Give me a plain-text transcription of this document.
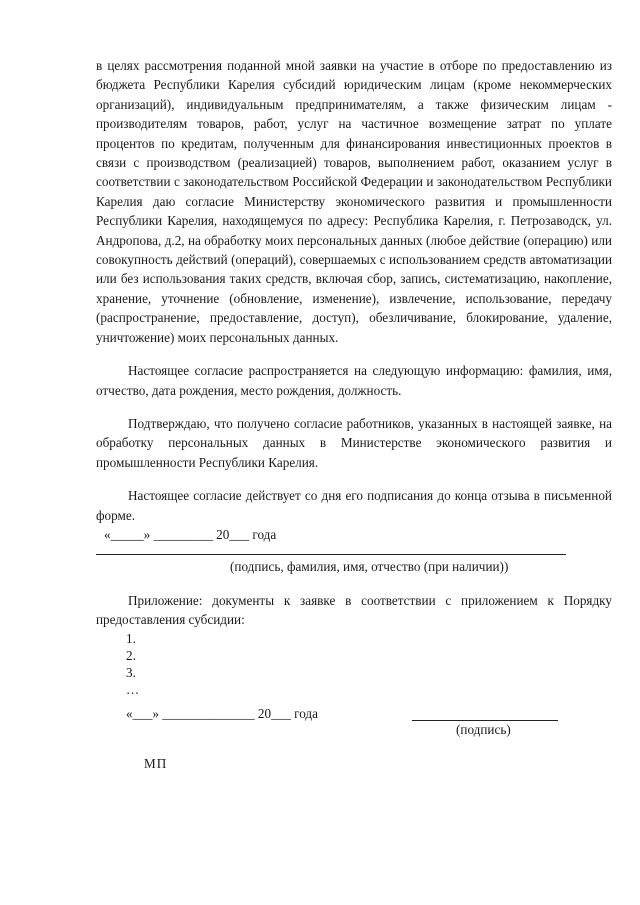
в целях рассмотрения поданной мной заявки на участие в отборе по предоставлению из бюджета Республики Карелия субсидий юридическим лицам (кроме некоммерческих организаций), индивидуальным предпринимателям, а также физическим лицам - производителям товаров, работ, услуг на частичное возмещение затрат по уплате процентов по кредитам, полученным для финансирования инвестиционных проектов в связи с производством (реализацией) товаров, выполнением работ, оказанием услуг в соответствии с законодательством Российской Федерации и законодательством Республики Карелия даю согласие Министерству экономического развития и промышленности Республики Карелия, находящемуся по адресу: Республика Карелия, г. Петрозаводск, ул. Андропова, д.2, на обработку моих персональных данных (любое действие (операцию) или совокупность действий (операций), совершаемых с использованием средств автоматизации или без использования таких средств, включая сбор, запись, систематизацию, накопление, хранение, уточнение (обновление, изменение), извлечение, использование, передачу (распространение, предоставление, доступ), обезличивание, блокирование, удаление, уничтожение) моих персональных данных.

Настоящее согласие распространяется на следующую информацию: фамилия, имя, отчество, дата рождения, место рождения, должность.

Подтверждаю, что получено согласие работников, указанных в настоящей заявке, на обработку персональных данных в Министерстве экономического развития и промышленности Республики Карелия.

Настоящее согласие действует со дня его подписания до конца отзыва в письменной форме.

«_____» _________ 20___ года

(подпись, фамилия, имя, отчество (при наличии))

Приложение: документы к заявке в соответствии с приложением к Порядку предоставления субсидии:

1.

2.

3.

…

«___» ______________ 20___ года
(подпись)

МП
